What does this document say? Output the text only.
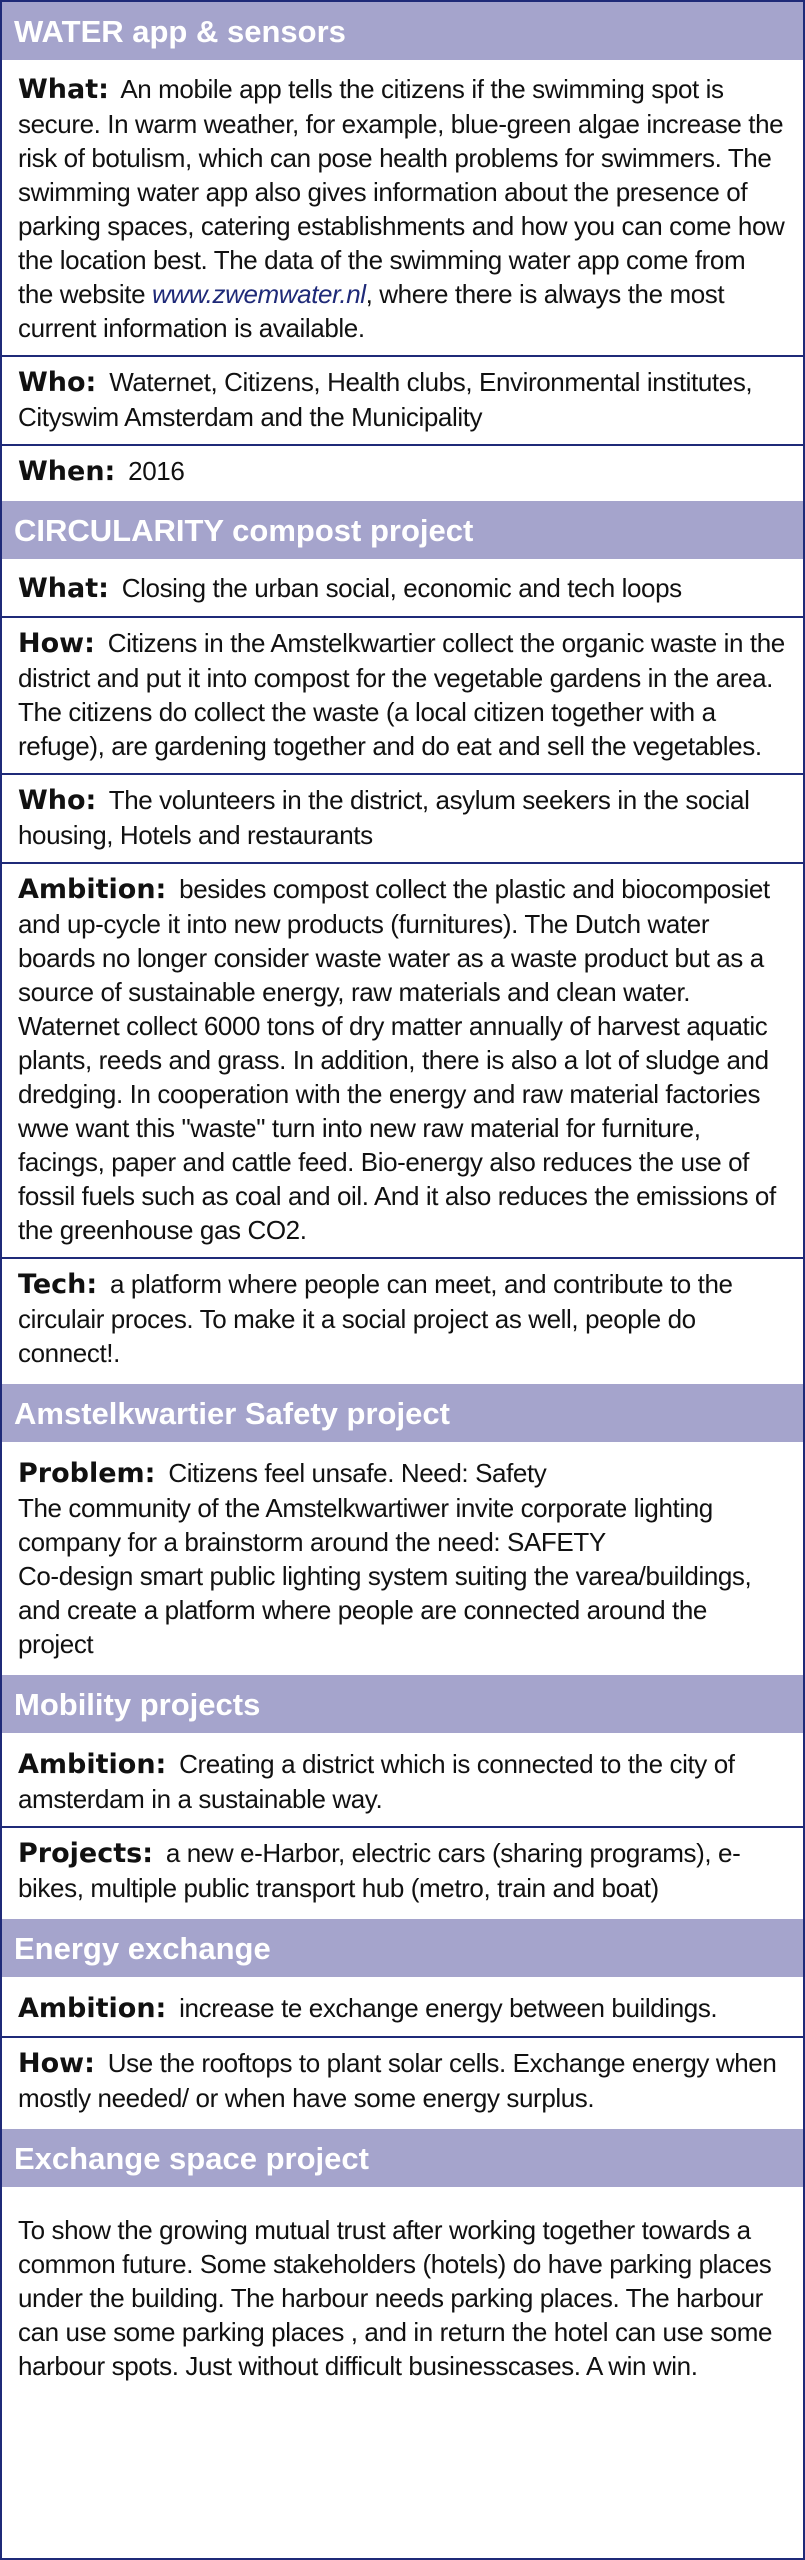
WATER app & sensors
What: An mobile app tells the citizens if the swimming spot is secure. In warm weather, for example, blue-green algae increase the risk of botulism, which can pose health problems for swimmers. The swimming water app also gives information about the presence of parking spaces, catering establishments and how you can come how the location best. The data of the swimming water app come from the website www.zwemwater.nl, where there is always the most current information is available.
Who: Waternet, Citizens, Health clubs, Environmental institutes, Cityswim Amsterdam and the Municipality
When: 2016
CIRCULARITY compost project
What: Closing the urban social, economic and tech loops
How: Citizens in the Amstelkwartier collect the organic waste in the district and put it into compost for the vegetable gardens in the area. The citizens do collect the waste (a local citizen together with a refuge), are gardening together and do eat and sell the vegetables.
Who: The volunteers in the district, asylum seekers in the social housing, Hotels and restaurants
Ambition: besides compost collect the plastic and biocomposiet and up-cycle it into new products (furnitures). The Dutch water boards no longer consider waste water as a waste product but as a source of sustainable energy, raw materials and clean water. Waternet collect 6000 tons of dry matter annually of harvest aquatic plants, reeds and grass. In addition, there is also a lot of sludge and dredging. In cooperation with the energy and raw material factories wwe want this "waste" turn into new raw material for furniture, facings, paper and cattle feed. Bio-energy also reduces the use of fossil fuels such as coal and oil. And it also reduces the emissions of the greenhouse gas CO2.
Tech: a platform where people can meet, and contribute to the circulair proces. To make it a social project as well, people do connect!.
Amstelkwartier Safety project
Problem: Citizens feel unsafe. Need: Safety
The community of the Amstelkwartiwer invite corporate lighting company for a brainstorm around the need: SAFETY
Co-design smart public lighting system suiting the varea/buildings, and create a platform where people are connected around the project
Mobility projects
Ambition: Creating a district which is connected to the city of amsterdam in a sustainable way.
Projects: a new e-Harbor, electric cars (sharing programs), e-bikes, multiple public transport hub (metro, train and boat)
Energy exchange
Ambition: increase te exchange energy between buildings.
How: Use the rooftops to plant solar cells. Exchange energy when mostly needed/ or when have some energy surplus.
Exchange space project
To show the growing mutual trust after working together towards a common future. Some stakeholders (hotels) do have parking places under the building. The harbour needs parking places. The harbour can use some parking places , and in return the hotel can use some harbour spots. Just without difficult businesscases. A win win.
